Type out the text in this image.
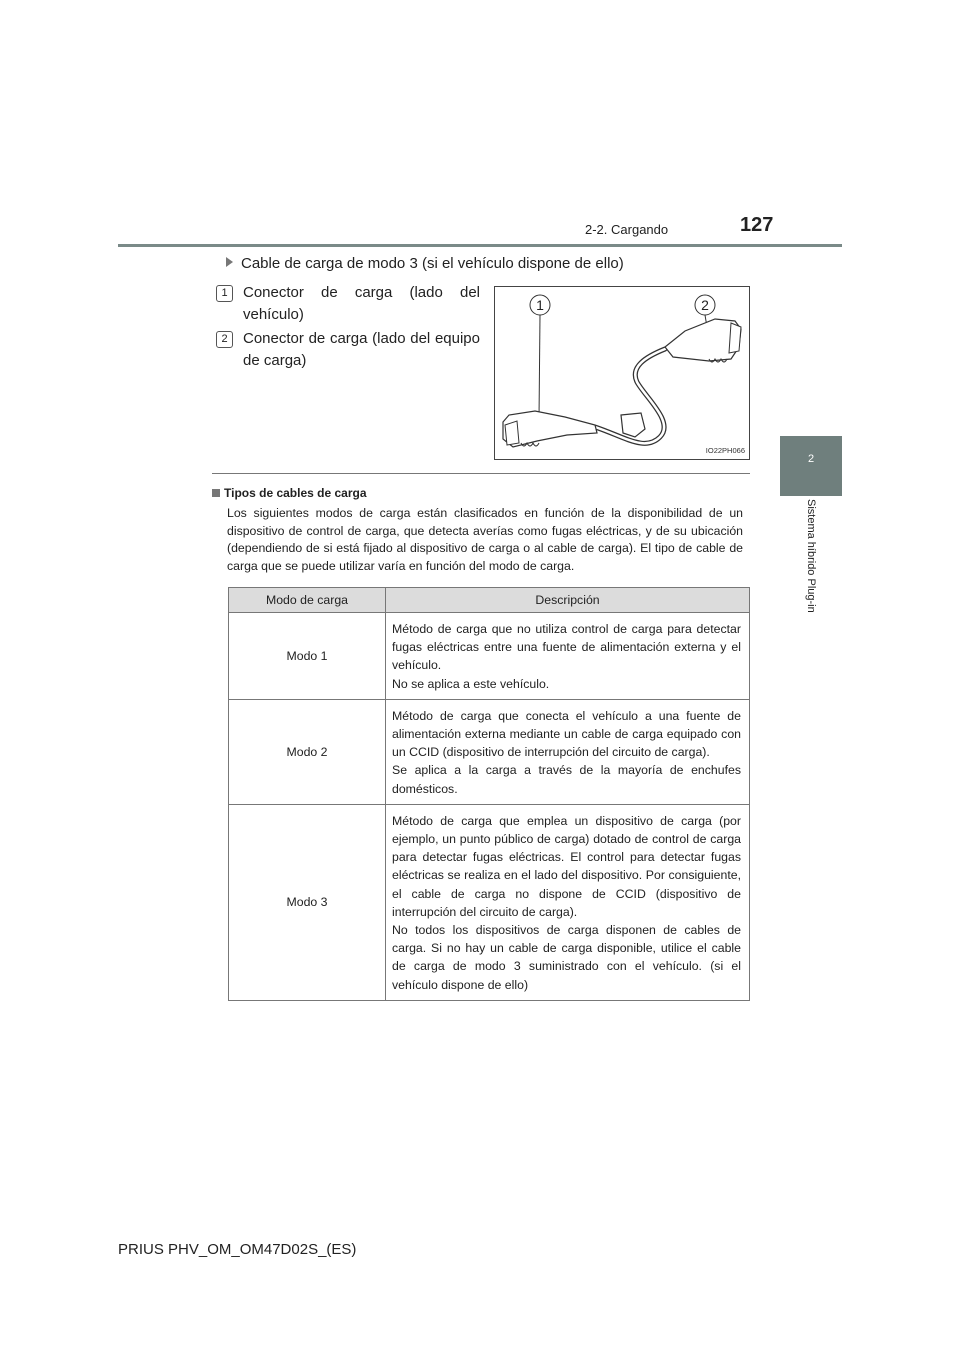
2-2. Cargando	127
2
Sistema híbrido Plug-in
Cable de carga de modo 3 (si el vehículo dispone de ello)
1	Conector de carga (lado del vehículo)
2	Conector de carga (lado del equipo de carga)
1	2
IO22PH066
Tipos de cables de carga
Los siguientes modos de carga están clasificados en función de la disponibilidad de un dispositivo de control de carga, que detecta averías como fugas eléctricas, y de su ubicación (dependiendo de si está fijado al dispositivo de carga o al cable de carga). El tipo de cable de carga que se puede utilizar varía en función del modo de carga.
Modo de carga	Descripción
Modo 1	Método de carga que no utiliza control de carga para detectar fugas eléctricas entre una fuente de alimentación externa y el vehículo.
No se aplica a este vehículo.

Modo 2	Método de carga que conecta el vehículo a una fuente de alimentación externa mediante un cable de carga equipado con un CCID (dispositivo de interrupción del circuito de carga).
Se aplica a la carga a través de la mayoría de enchufes domésticos.

Modo 3	Método de carga que emplea un dispositivo de carga (por ejemplo, un punto público de carga) dotado de control de carga para detectar fugas eléctricas. El control para detectar fugas eléctricas se realiza en el lado del dispositivo. Por consiguiente, el cable de carga no dispone de CCID (dispositivo de interrupción del circuito de carga).
No todos los dispositivos de carga disponen de cables de carga. Si no hay un cable de carga disponible, utilice el cable de carga de modo 3 suministrado con el vehículo. (si el vehículo dispone de ello)
PRIUS PHV_OM_OM47D02S_(ES)
